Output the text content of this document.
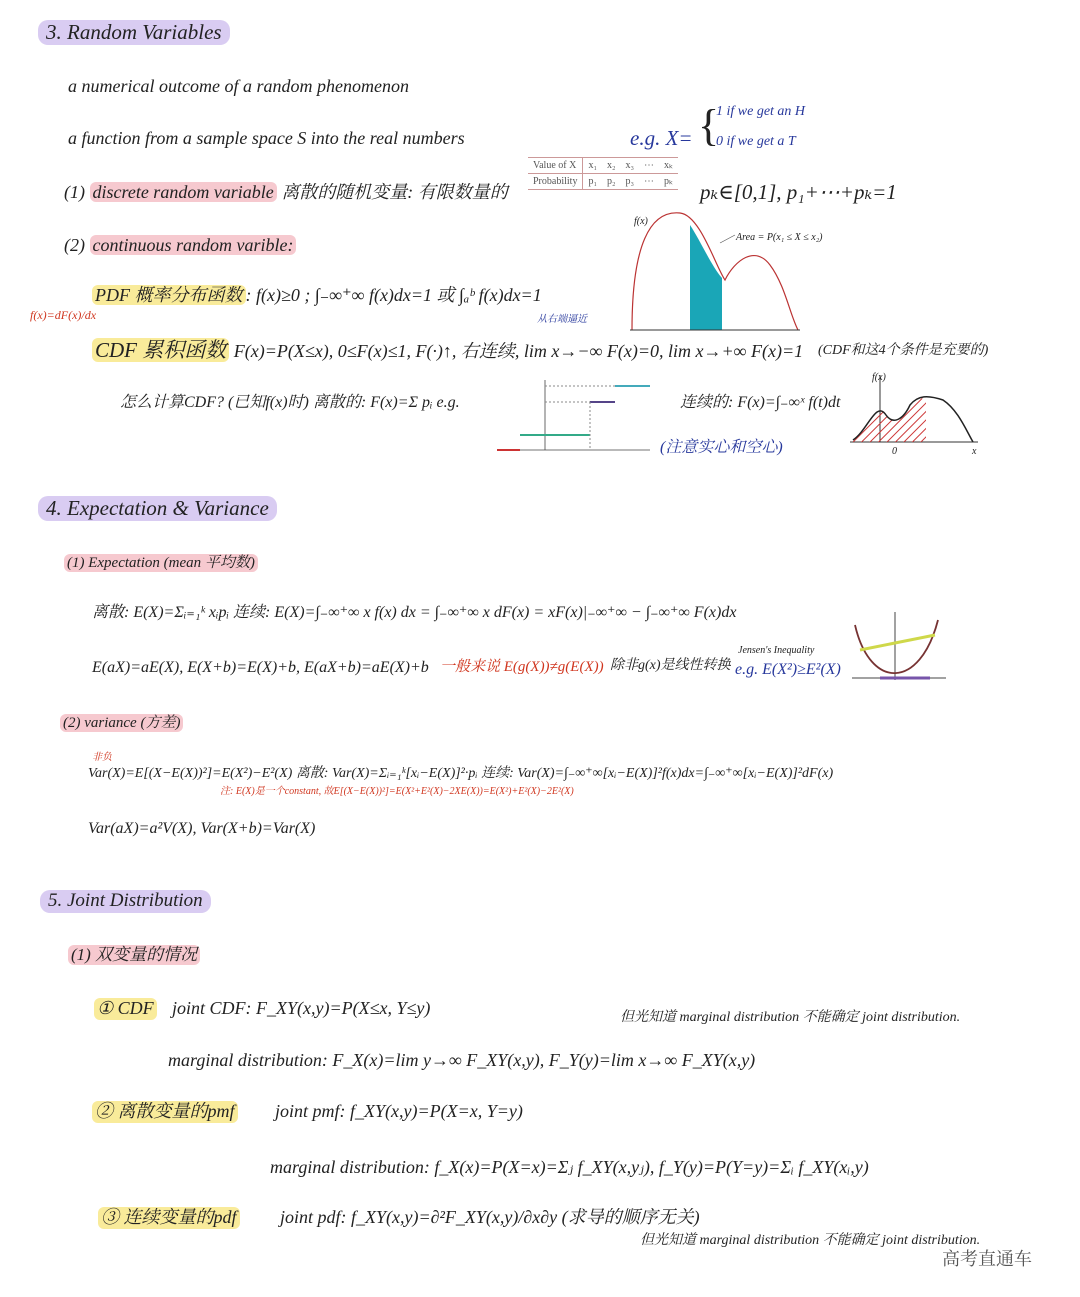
3. Random Variables
a numerical outcome of a random phenomenon
a function from a sample space S into the real numbers	e.g. X= {
1 if we get an H
0 if we get a T
Value of X	x₁	x₂	x₃	⋯	xₖ
Probability	p₁	p₂	p₃	⋯	pₖ
(1) discrete random variable 离散的随机变量: 有限数量的	pₖ∈[0,1], p₁+⋯+pₖ=1
(2) continuous random varible:
f(x)
Area = P(x₁ ≤ X ≤ x₂)
f(x)=dF(x)/dx
PDF 概率分布函数 : f(x)≥0 ; ∫₋∞⁺∞ f(x)dx=1 或 ∫ₐᵇ f(x)dx=1
从右端逼近
CDF 累积函数 F(x)=P(X≤x), 0≤F(x)≤1, F(·)↑, 右连续, lim x→−∞ F(x)=0, lim x→+∞ F(x)=1 (CDF和这4个条件是充要的)
怎么计算CDF? (已知f(x)时) 离散的: F(x)=Σ pᵢ e.g.
(注意实心和空心)
连续的: F(x)=∫₋∞ˣ f(t)dt
f(x)
0	x
4. Expectation & Variance
(1) Expectation (mean 平均数)
离散: E(X)=Σᵢ₌₁ᵏ xᵢpᵢ 连续: E(X)=∫₋∞⁺∞ x f(x) dx = ∫₋∞⁺∞ x dF(x) = xF(x)|₋∞⁺∞ − ∫₋∞⁺∞ F(x)dx
E(aX)=aE(X), E(X+b)=E(X)+b, E(aX+b)=aE(X)+b 一般来说 E(g(X))≠g(E(X)) 除非g(x)是线性转换
Jensen's Inequality
e.g. E(X²)≥E²(X)
(2) variance (方差)
非负
Var(X)=E[(X−E(X))²]=E(X²)−E²(X) 离散: Var(X)=Σᵢ₌₁ᵏ[xᵢ−E(X)]²·pᵢ 连续: Var(X)=∫₋∞⁺∞[xᵢ−E(X)]²f(x)dx=∫₋∞⁺∞[xᵢ−E(X)]²dF(x)
注: E(X)是一个constant, 故E[(X−E(X))²]=E(X²+E²(X)−2XE(X))=E(X²)+E²(X)−2E²(X)
Var(aX)=a²V(X), Var(X+b)=Var(X)
5. Joint Distribution
(1) 双变量的情况
① CDF joint CDF: F_XY(x,y)=P(X≤x, Y≤y)	但光知道 marginal distribution 不能确定 joint distribution.
marginal distribution: F_X(x)=lim y→∞ F_XY(x,y), F_Y(y)=lim x→∞ F_XY(x,y)
② 离散变量的pmf joint pmf: f_XY(x,y)=P(X=x, Y=y)
marginal distribution: f_X(x)=P(X=x)=Σⱼ f_XY(x,yⱼ), f_Y(y)=P(Y=y)=Σᵢ f_XY(xᵢ,y)
③ 连续变量的pdf joint pdf: f_XY(x,y)=∂²F_XY(x,y)/∂x∂y (求导的顺序无关)
但光知道 marginal distribution 不能确定 joint distribution.
高考直通车
